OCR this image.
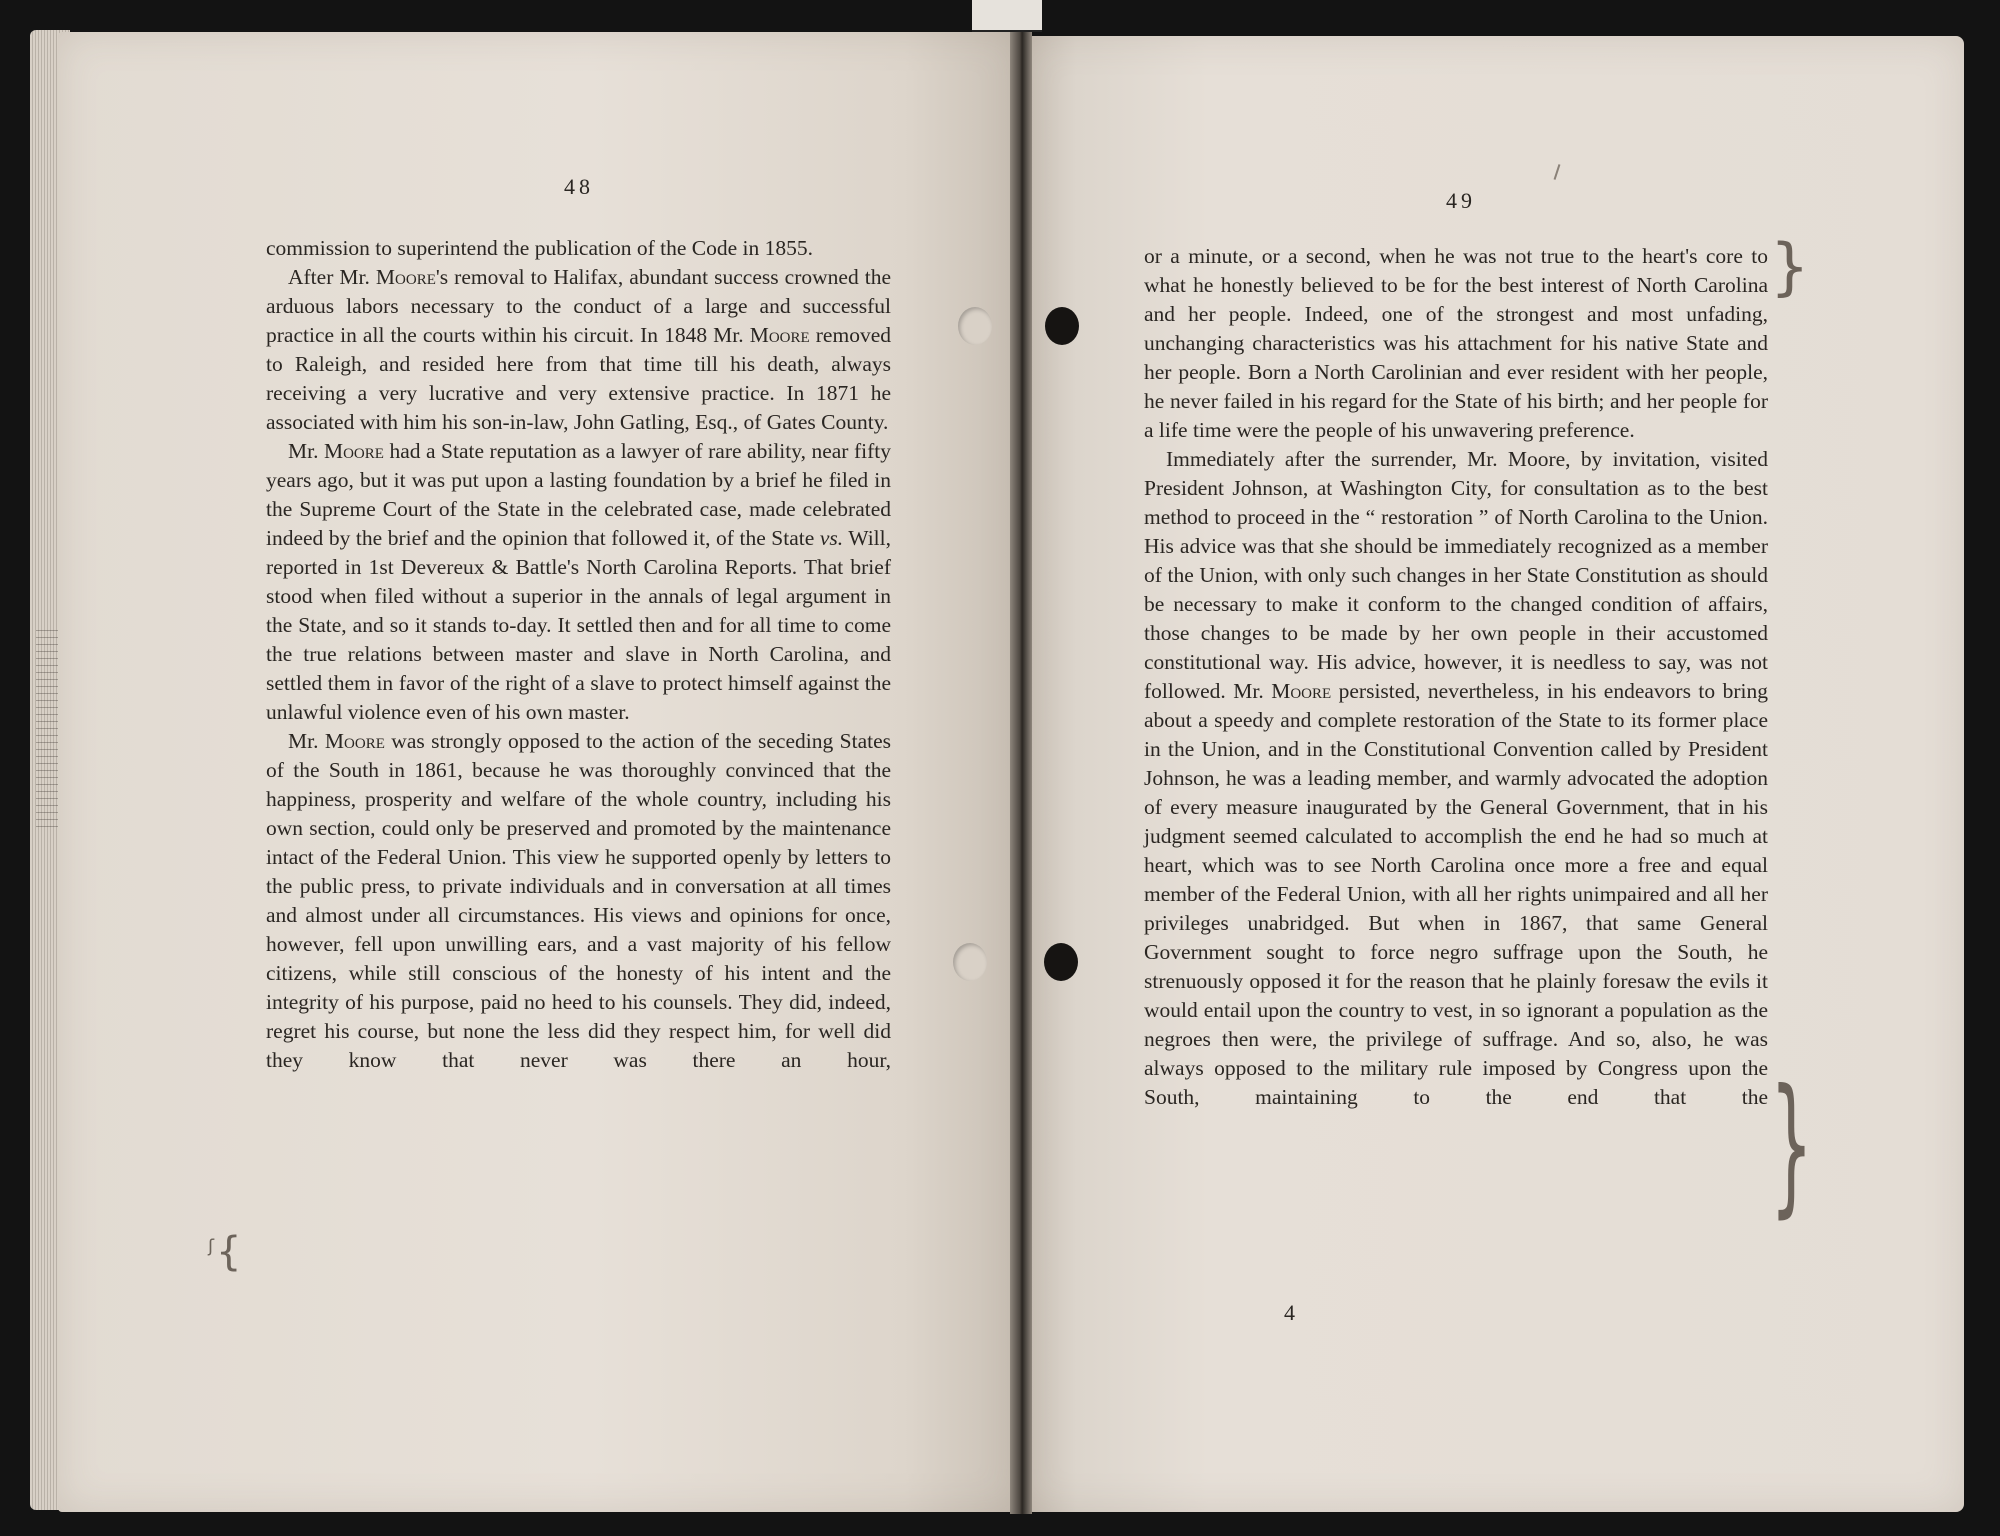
48

commission to superintend the publication of the Code in 1855.

After Mr. Moore's removal to Halifax, abundant success crowned the arduous labors necessary to the conduct of a large and successful practice in all the courts within his circuit. In 1848 Mr. Moore removed to Raleigh, and resided here from that time till his death, always receiving a very lucrative and very extensive practice. In 1871 he associated with him his son-in-law, John Gatling, Esq., of Gates County.

Mr. Moore had a State reputation as a lawyer of rare ability, near fifty years ago, but it was put upon a lasting foundation by a brief he filed in the Supreme Court of the State in the celebrated case, made celebrated indeed by the brief and the opinion that followed it, of the State vs. Will, reported in 1st Devereux & Battle's North Carolina Reports. That brief stood when filed without a superior in the annals of legal argument in the State, and so it stands to-day. It settled then and for all time to come the true relations between master and slave in North Carolina, and settled them in favor of the right of a slave to protect himself against the unlawful violence even of his own master.

Mr. Moore was strongly opposed to the action of the seceding States of the South in 1861, because he was thoroughly convinced that the happiness, prosperity and welfare of the whole country, including his own section, could only be preserved and promoted by the maintenance intact of the Federal Union. This view he supported openly by letters to the public press, to private individuals and in conversation at all times and almost under all circumstances. His views and opinions for once, however, fell upon unwilling ears, and a vast majority of his fellow citizens, while still conscious of the honesty of his intent and the integrity of his purpose, paid no heed to his counsels. They did, indeed, regret his course, but none the less did they respect him, for well did they know that never was there an hour,

{
ʃ
49

or a minute, or a second, when he was not true to the heart's core to what he honestly believed to be for the best interest of North Carolina and her people. Indeed, one of the strongest and most unfading, unchanging characteristics was his attachment for his native State and her people. Born a North Carolinian and ever resident with her people, he never failed in his regard for the State of his birth; and her people for a life time were the people of his unwavering preference.

Immediately after the surrender, Mr. Moore, by invitation, visited President Johnson, at Washington City, for consultation as to the best method to proceed in the “ restoration ” of North Carolina to the Union. His advice was that she should be immediately recognized as a member of the Union, with only such changes in her State Constitution as should be necessary to make it conform to the changed condition of affairs, those changes to be made by her own people in their accustomed constitutional way. His advice, however, it is needless to say, was not followed. Mr. Moore persisted, nevertheless, in his endeavors to bring about a speedy and complete restoration of the State to its former place in the Union, and in the Constitutional Convention called by President Johnson, he was a leading member, and warmly advocated the adoption of every measure inaugurated by the General Government, that in his judgment seemed calculated to accomplish the end he had so much at heart, which was to see North Carolina once more a free and equal member of the Federal Union, with all her rights unimpaired and all her privileges unabridged. But when in 1867, that same General Government sought to force negro suffrage upon the South, he strenuously opposed it for the reason that he plainly foresaw the evils it would entail upon the country to vest, in so ignorant a population as the negroes then were, the privilege of suffrage. And so, also, he was always opposed to the military rule imposed by Congress upon the South, maintaining to the end that the

}
}
4
